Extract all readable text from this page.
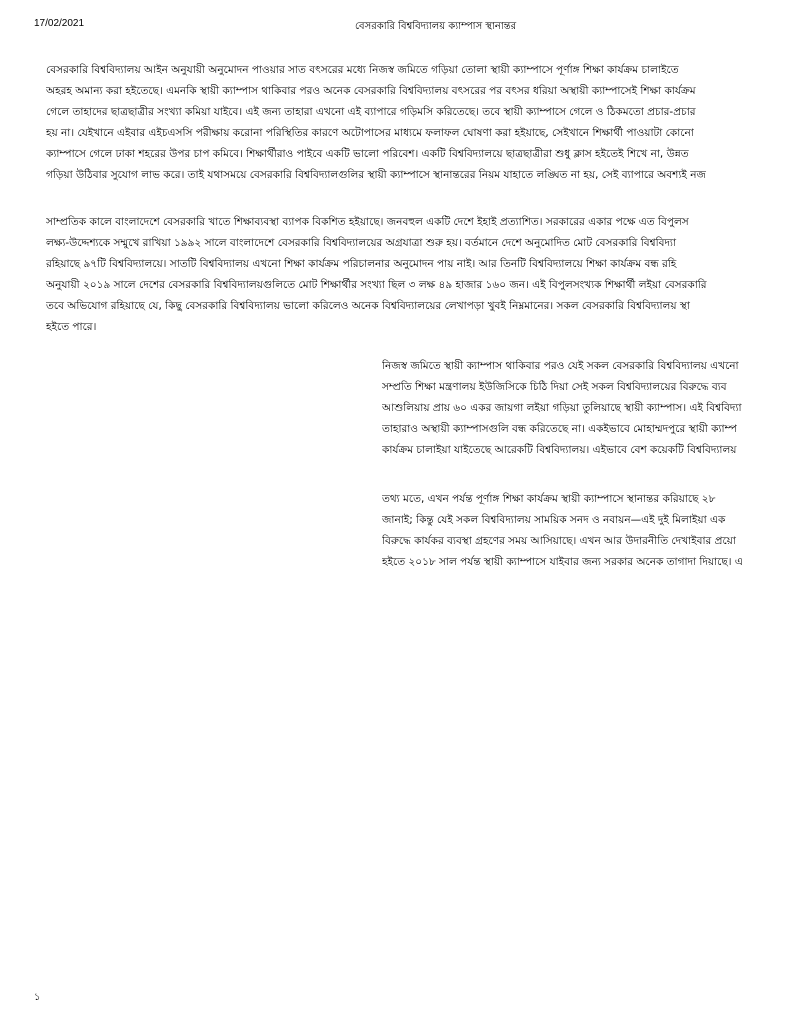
17/02/2021	বেসরকারি বিশ্ববিদ্যালয় ক্যাম্পাস স্থানান্তর
বেসরকারি বিশ্ববিদ্যালয় আইন অনুযায়ী অনুমোদন পাওয়ার সাত বৎসরের মধ্যে নিজস্ব জমিতে গড়িয়া তোলা স্থায়ী ক্যাম্পাসে পূর্ণাঙ্গ শিক্ষা কার্যক্রম চালাইতে
অহরহ অমান্য করা হইতেছে। এমনকি স্থায়ী ক্যাম্পাস থাকিবার পরও অনেক বেসরকারি বিশ্ববিদ্যালয় বৎসরের পর বৎসর ধরিয়া অস্থায়ী ক্যাম্পাসেই শিক্ষা কার্যক্রম
গেলে তাহাদের ছাত্রছাত্রীর সংখ্যা কমিয়া যাইবে। এই জন্য তাহারা এখনো এই ব্যাপারে গড়িমসি করিতেছে। তবে স্থায়ী ক্যাম্পাসে গেলে ও ঠিকমতো প্রচার-প্রচার
হয় না। যেইখানে এইবার এইচএসসি পরীক্ষায় করোনা পরিস্থিতির কারণে অটোপাসের মাধ্যমে ফলাফল ঘোষণা করা হইয়াছে, সেইখানে শিক্ষার্থী পাওয়াটা কোনো
ক্যাম্পাসে গেলে ঢাকা শহরের উপর চাপ কমিবে। শিক্ষার্থীরাও পাইবে একটি ভালো পরিবেশ। একটি বিশ্ববিদ্যালয়ে ছাত্রছাত্রীরা শুধু ক্লাস হইতেই শিখে না, উন্নত
গড়িয়া উঠিবার সুযোগ লাভ করে। তাই যথাসময়ে বেসরকারি বিশ্ববিদ্যালগুলির স্থায়ী ক্যাম্পাসে স্থানান্তরের নিয়ম যাহাতে লঙ্ঘিত না হয়, সেই ব্যাপারে অবশ্যই নজ
সাম্প্রতিক কালে বাংলাদেশে বেসরকারি খাতে শিক্ষাব্যবস্থা ব্যাপক বিকশিত হইয়াছে। জনবহুল একটি দেশে ইহাই প্রত্যাশিত। সরকারের একার পক্ষে এত বিপুলস
লক্ষ্য-উদ্দেশ্যকে সম্মুখে রাখিয়া ১৯৯২ সালে বাংলাদেশে বেসরকারি বিশ্ববিদ্যালয়ের অগ্রযাত্রা শুরু হয়। বর্তমানে দেশে অনুমোদিত মোট বেসরকারি বিশ্ববিদ্যা
রহিয়াছে ৯৭টি বিশ্ববিদ্যালয়ে। সাতটি বিশ্ববিদ্যালয় এখনো শিক্ষা কার্যক্রম পরিচালনার অনুমোদন পায় নাই। আর তিনটি বিশ্ববিদ্যালয়ে শিক্ষা কার্যক্রম বন্ধ রহি
অনুযায়ী ২০১৯ সালে দেশের বেসরকারি বিশ্ববিদ্যালয়গুলিতে মোট শিক্ষার্থীর সংখ্যা ছিল ৩ লক্ষ ৪৯ হাজার ১৬০ জন। এই বিপুলসংখ্যক শিক্ষার্থী লইয়া বেসরকারি
তবে অভিযোগ রহিয়াছে যে, কিছু বেসরকারি বিশ্ববিদ্যালয় ভালো করিলেও অনেক বিশ্ববিদ্যালয়ের লেখাপড়া খুবই নিম্নমানের। সকল বেসরকারি বিশ্ববিদ্যালয় স্থা
হইতে পারে।
নিজস্ব জমিতে স্থায়ী ক্যাম্পাস থাকিবার পরও যেই সকল বেসরকারি বিশ্ববিদ্যালয় এখনো
সম্প্রতি শিক্ষা মন্ত্রণালয় ইউজিসিকে চিঠি দিয়া সেই সকল বিশ্ববিদ্যালয়ের বিরুদ্ধে ব্যব
আশুলিয়ায় প্রায় ৬০ একর জায়গা লইয়া গড়িয়া তুলিয়াছে স্থায়ী ক্যাম্পাস। এই বিশ্ববিদ্যা
তাহারাও অস্থায়ী ক্যাম্পাসগুলি বন্ধ করিতেছে না। একইভাবে মোহাম্মদপুরে স্থায়ী ক্যাম্প
কার্যক্রম চালাইয়া যাইতেছে আরেকটি বিশ্ববিদ্যালয়। এইভাবে বেশ কয়েকটি বিশ্ববিদ্যালয়
তথ্য মতে, এখন পর্যন্ত পূর্ণাঙ্গ শিক্ষা কার্যক্রম স্থায়ী ক্যাম্পাসে স্থানান্তর করিয়াছে ২৮
জানাই; কিন্তু যেই সকল বিশ্ববিদ্যালয় সাময়িক সনদ ও নবায়ন—এই দুই মিলাইয়া এক
বিরুদ্ধে কার্যকর ব্যবস্থা গ্রহণের সময় আসিয়াছে। এখন আর উদারনীতি দেখাইবার প্রয়ো
হইতে ২০১৮ সাল পর্যন্ত স্থায়ী ক্যাম্পাসে যাইবার জন্য সরকার অনেক তাগাদা দিয়াছে। এ
১
